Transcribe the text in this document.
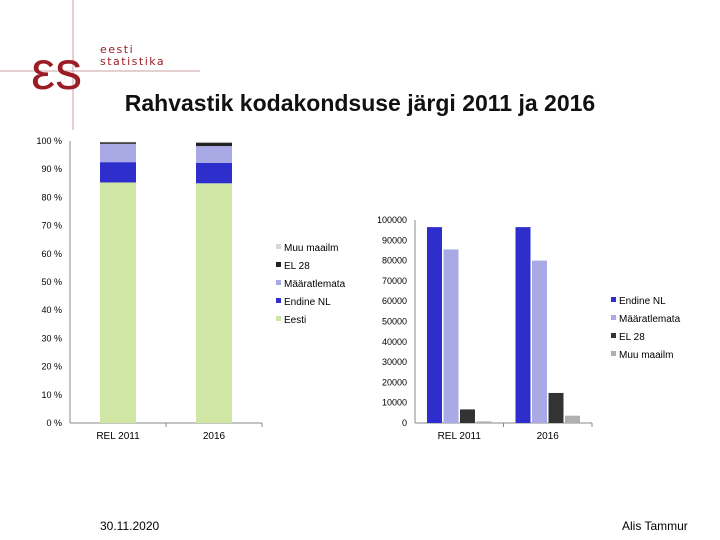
εs eesti
statistika
Rahvastik kodakondsuse järgi 2011 ja 2016
0 %
10 %
20 %
30 %
40 %
50 %
60 %
70 %
80 %
90 %
100 %
REL 2011	2016
Muu maailm
EL 28
Määratlemata
Endine NL
Eesti
0
10000
20000
30000
40000
50000
60000
70000
80000
90000
100000
REL 2011	2016
Endine NL
Määratlemata
EL 28
Muu maailm
30.11.2020	Alis Tammur
